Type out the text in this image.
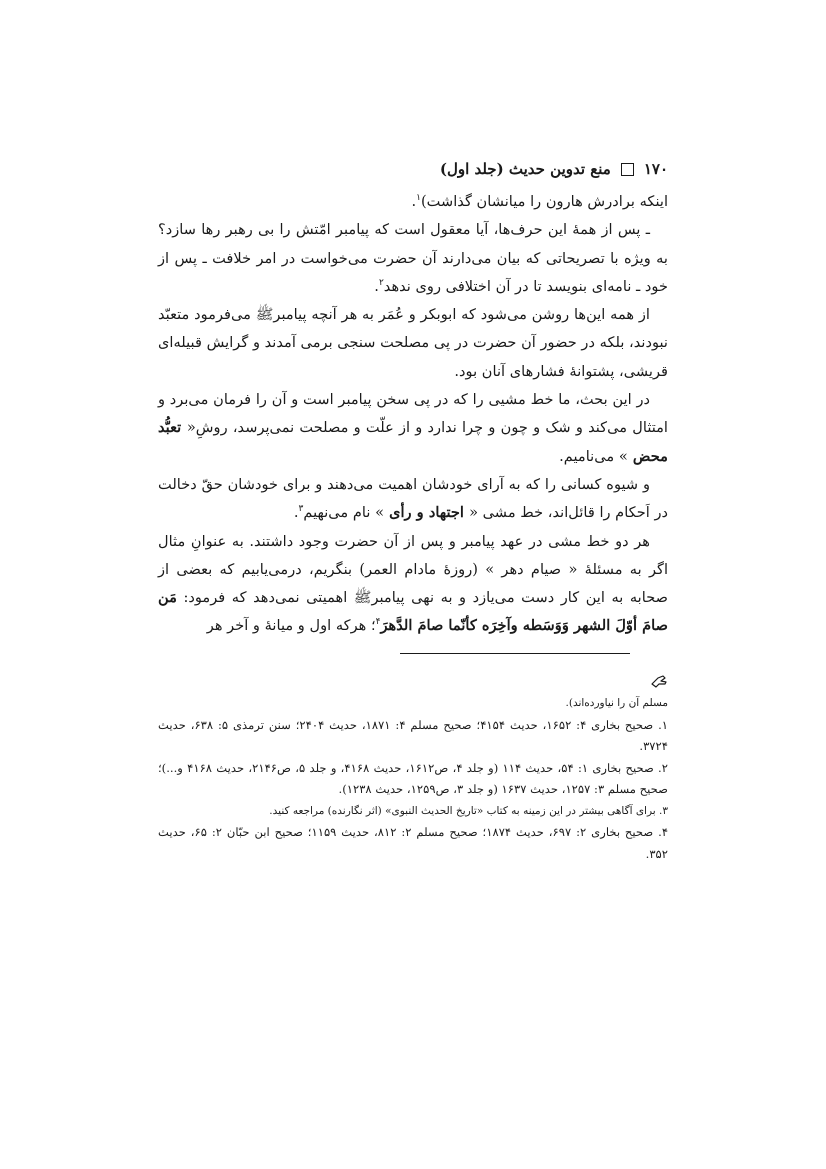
۱۷۰
منع تدوین حدیث (جلد اول)

اینکه برادرش هارون را میانشان گذاشت)$^۱$.

ـ پس از همهٔ این حرف‌ها، آیا معقول است که پیامبر امّتش را بی رهبر رها سازد؟ به ویژه با تصریحاتی که بیان می‌دارند آن حضرت می‌خواست در امر خلافت ـ پس از خود ـ نامه‌ای بنویسد تا در آن اختلافی روی ندهد$^۲$.

از همه این‌ها روشن می‌شود که ابوبکر و عُمَر به هر آنچه پیامبرﷺ می‌فرمود متعبّد نبودند، بلکه در حضور آن حضرت در پی مصلحت سنجی برمی آمدند و گرایش قبیله‌ای قریشی، پشتوانهٔ فشارهای آنان بود.

در این بحث، ما خط مشیی را که در پی سخن پیامبر است و آن را فرمان می‌برد و امتثال می‌کند و شک و چون و چرا ندارد و از علّت و مصلحت نمی‌پرسد، روشِ« تعبُّد محض » می‌نامیم.

و شیوه کسانی را که به آرای خودشان اهمیت می‌دهند و برای خودشان حقّ دخالت در اَحکام را قائل‌اند، خط مشی « اجتهاد و رأی » نام می‌نهیم$^۳$.

هر دو خط مشی در عهد پیامبر و پس از آن حضرت وجود داشتند. به عنوانِ مثال اگر به مسئلهٔ « صیام دهر » (روزهٔ مادام العمر) بنگریم، درمی‌یابیم که بعضی از صحابه به این کار دست می‌یازد و به نهی پیامبرﷺ اهمیتی نمی‌دهد که فرمود: مَن صامَ أوّلَ الشهر وَوَسَطه وآخِرَه كأنّما صامَ الدَّهرَ$^۴$؛ هرکه اول و میانهٔ و آخر هر

مسلم آن را نیاورده‌اند).

۱. صحیح بخاری ۴: ۱۶۵۲، حدیث ۴۱۵۴؛ صحیح مسلم ۴: ۱۸۷۱، حدیث ۲۴۰۴؛ سنن ترمذی ۵: ۶۳۸، حدیث ۳۷۲۴.

۲. صحیح بخاری ۱: ۵۴، حدیث ۱۱۴ (و جلد ۴، ص۱۶۱۲، حدیث ۴۱۶۸، و جلد ۵، ص۲۱۴۶، حدیث ۴۱۶۸ و...)؛ صحیح مسلم ۳: ۱۲۵۷، حدیث ۱۶۳۷ (و جلد ۳، ص۱۲۵۹، حدیث ۱۲۳۸).

۳. برای آگاهی بیشتر در این زمینه به کتاب «تاریخ الحدیث النبوی» (اثر نگارنده) مراجعه کنید.

۴. صحیح بخاری ۲: ۶۹۷، حدیث ۱۸۷۴؛ صحیح مسلم ۲: ۸۱۲، حدیث ۱۱۵۹؛ صحیح ابن حبّان ۲: ۶۵، حدیث ۳۵۲.
